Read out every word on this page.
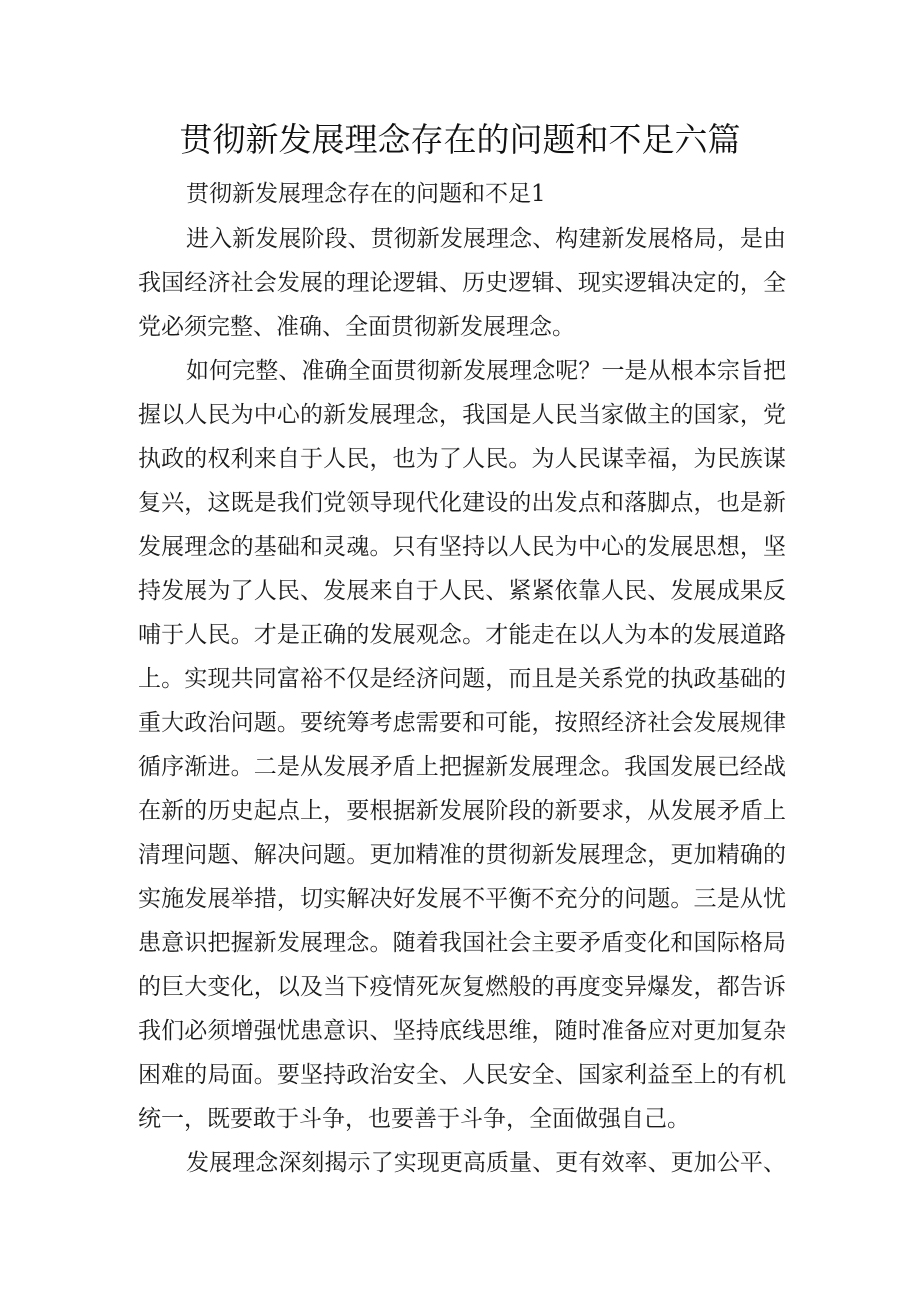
贯彻新发展理念存在的问题和不足六篇
贯彻新发展理念存在的问题和不足1
进入新发展阶段、贯彻新发展理念、构建新发展格局，是由
我国经济社会发展的理论逻辑、历史逻辑、现实逻辑决定的，全
党必须完整、准确、全面贯彻新发展理念。
如何完整、准确全面贯彻新发展理念呢？一是从根本宗旨把
握以人民为中心的新发展理念，我国是人民当家做主的国家，党
执政的权利来自于人民，也为了人民。为人民谋幸福，为民族谋
复兴，这既是我们党领导现代化建设的出发点和落脚点，也是新
发展理念的基础和灵魂。只有坚持以人民为中心的发展思想，坚
持发展为了人民、发展来自于人民、紧紧依靠人民、发展成果反
哺于人民。才是正确的发展观念。才能走在以人为本的发展道路
上。实现共同富裕不仅是经济问题，而且是关系党的执政基础的
重大政治问题。要统筹考虑需要和可能，按照经济社会发展规律
循序渐进。二是从发展矛盾上把握新发展理念。我国发展已经战
在新的历史起点上，要根据新发展阶段的新要求，从发展矛盾上
清理问题、解决问题。更加精准的贯彻新发展理念，更加精确的
实施发展举措，切实解决好发展不平衡不充分的问题。三是从忧
患意识把握新发展理念。随着我国社会主要矛盾变化和国际格局
的巨大变化，以及当下疫情死灰复燃般的再度变异爆发，都告诉
我们必须增强忧患意识、坚持底线思维，随时准备应对更加复杂
困难的局面。要坚持政治安全、人民安全、国家利益至上的有机
统一，既要敢于斗争，也要善于斗争，全面做强自己。
发展理念深刻揭示了实现更高质量、更有效率、更加公平、
